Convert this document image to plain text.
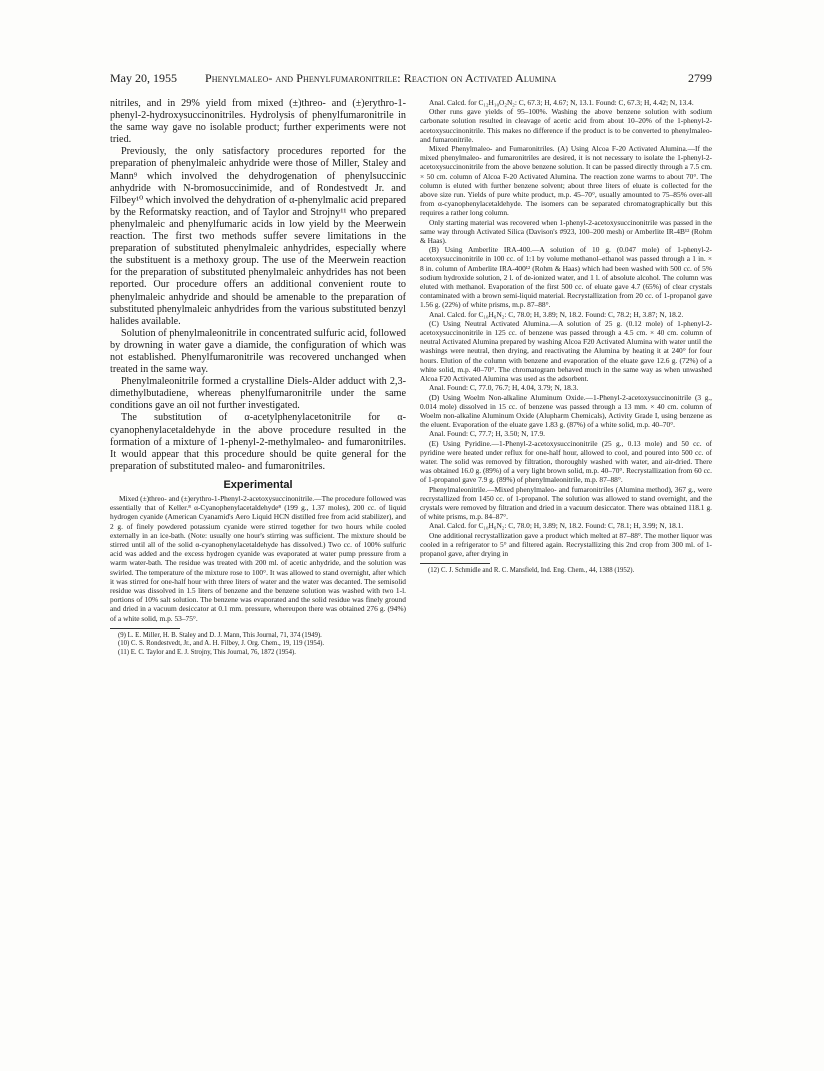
May 20, 1955 Phenylmaleo- and Phenylfumaronitrile: Reaction on Activated Alumina	2799

nitriles, and in 29% yield from mixed (±)threo- and (±)erythro-1-phenyl-2-hydroxysuccinonitriles. Hydrolysis of phenylfumaronitrile in the same way gave no isolable product; further experiments were not tried.

Previously, the only satisfactory procedures reported for the preparation of phenylmaleic anhydride were those of Miller, Staley and Mann⁹ which involved the dehydrogenation of phenylsuccinic anhydride with N-bromosuccinimide, and of Rondestvedt Jr. and Filbey¹⁰ which involved the dehydration of α-phenylmalic acid prepared by the Reformatsky reaction, and of Taylor and Strojny¹¹ who prepared phenylmaleic and phenylfumaric acids in low yield by the Meerwein reaction. The first two methods suffer severe limitations in the preparation of substituted phenylmaleic anhydrides, especially where the substituent is a methoxy group. The use of the Meerwein reaction for the preparation of substituted phenylmaleic anhydrides has not been reported. Our procedure offers an additional convenient route to phenylmaleic anhydride and should be amenable to the preparation of substituted phenylmaleic anhydrides from the various substituted benzyl halides available.

Solution of phenylmaleonitrile in concentrated sulfuric acid, followed by drowning in water gave a diamide, the configuration of which was not established. Phenylfumaronitrile was recovered unchanged when treated in the same way.

Phenylmaleonitrile formed a crystalline Diels-Alder adduct with 2,3-dimethylbutadiene, whereas phenylfumaronitrile under the same conditions gave an oil not further investigated.

The substitution of α-acetylphenylacetonitrile for α-cyanophenylacetaldehyde in the above procedure resulted in the formation of a mixture of 1-phenyl-2-methylmaleo- and fumaronitriles. It would appear that this procedure should be quite general for the preparation of substituted maleo- and fumaronitriles.

Experimental

Mixed (±)threo- and (±)erythro-1-Phenyl-2-acetoxysuccinonitrile.—The procedure followed was essentially that of Keller.⁸ α-Cyanophenylacetaldehyde⁸ (199 g., 1.37 moles), 200 cc. of liquid hydrogen cyanide (American Cyanamid's Aero Liquid HCN distilled free from acid stabilizer), and 2 g. of finely powdered potassium cyanide were stirred together for two hours while cooled externally in an ice-bath. (Note: usually one hour's stirring was sufficient. The mixture should be stirred until all of the solid α-cyanophenylacetaldehyde has dissolved.) Two cc. of 100% sulfuric acid was added and the excess hydrogen cyanide was evaporated at water pump pressure from a warm water-bath. The residue was treated with 200 ml. of acetic anhydride, and the solution was swirled. The temperature of the mixture rose to 100°. It was allowed to stand overnight, after which it was stirred for one-half hour with three liters of water and the water was decanted. The semisolid residue was dissolved in 1.5 liters of benzene and the benzene solution was washed with two 1-l. portions of 10% salt solution. The benzene was evaporated and the solid residue was finely ground and dried in a vacuum desiccator at 0.1 mm. pressure, whereupon there was obtained 276 g. (94%) of a white solid, m.p. 53–75°.

(9) L. E. Miller, H. B. Staley and D. J. Mann, This Journal, 71, 374 (1949).

(10) C. S. Rondestvedt, Jr., and A. H. Filbey, J. Org. Chem., 19, 119 (1954).

(11) E. C. Taylor and E. J. Strojny, This Journal, 76, 1872 (1954).

Anal. Calcd. for C₁₂H₁₀O₂N₂: C, 67.3; H, 4.67; N, 13.1. Found: C, 67.3; H, 4.42; N, 13.4.

Other runs gave yields of 95–100%. Washing the above benzene solution with sodium carbonate solution resulted in cleavage of acetic acid from about 10–20% of the 1-phenyl-2-acetoxysuccinonitrile. This makes no difference if the product is to be converted to phenylmaleo- and fumaronitrile.

Mixed Phenylmaleo- and Fumaronitriles. (A) Using Alcoa F-20 Activated Alumina.—If the mixed phenylmaleo- and fumaronitriles are desired, it is not necessary to isolate the 1-phenyl-2-acetoxysuccinonitrile from the above benzene solution. It can be passed directly through a 7.5 cm. × 50 cm. column of Alcoa F-20 Activated Alumina. The reaction zone warms to about 70°. The column is eluted with further benzene solvent; about three liters of eluate is collected for the above size run. Yields of pure white product, m.p. 45–70°, usually amounted to 75–85% over-all from α-cyanophenylacetaldehyde. The isomers can be separated chromatographically but this requires a rather long column.

Only starting material was recovered when 1-phenyl-2-acetoxysuccinonitrile was passed in the same way through Activated Silica (Davison's #923, 100–200 mesh) or Amberlite IR-4B¹² (Rohm & Haas).

(B) Using Amberlite IRA-400.—A solution of 10 g. (0.047 mole) of 1-phenyl-2-acetoxysuccinonitrile in 100 cc. of 1:1 by volume methanol–ethanol was passed through a 1 in. × 8 in. column of Amberlite IRA-400¹² (Rohm & Haas) which had been washed with 500 cc. of 5% sodium hydroxide solution, 2 l. of de-ionized water, and 1 l. of absolute alcohol. The column was eluted with methanol. Evaporation of the first 500 cc. of eluate gave 4.7 (65%) of clear crystals contaminated with a brown semi-liquid material. Recrystallization from 20 cc. of 1-propanol gave 1.56 g. (22%) of white prisms, m.p. 87–88°.

Anal. Calcd. for C₁₀H₆N₂: C, 78.0; H, 3.89; N, 18.2. Found: C, 78.2; H, 3.87; N, 18.2.

(C) Using Neutral Activated Alumina.—A solution of 25 g. (0.12 mole) of 1-phenyl-2-acetoxysuccinonitrile in 125 cc. of benzene was passed through a 4.5 cm. × 40 cm. column of neutral Activated Alumina prepared by washing Alcoa F20 Activated Alumina with water until the washings were neutral, then drying, and reactivating the Alumina by heating it at 240° for four hours. Elution of the column with benzene and evaporation of the eluate gave 12.6 g. (72%) of a white solid, m.p. 40–70°. The chromatogram behaved much in the same way as when unwashed Alcoa F20 Activated Alumina was used as the adsorbent.

Anal. Found: C, 77.0, 76.7; H, 4.04, 3.79; N, 18.3.

(D) Using Woelm Non-alkaline Aluminum Oxide.—1-Phenyl-2-acetoxysuccinonitrile (3 g., 0.014 mole) dissolved in 15 cc. of benzene was passed through a 13 mm. × 40 cm. column of Woelm non-alkaline Aluminum Oxide (Alupharm Chemicals), Activity Grade I, using benzene as the eluent. Evaporation of the eluate gave 1.83 g. (87%) of a white solid, m.p. 40–70°.

Anal. Found: C, 77.7; H, 3.50; N, 17.9.

(E) Using Pyridine.—1-Phenyl-2-acetoxysuccinonitrile (25 g., 0.13 mole) and 50 cc. of pyridine were heated under reflux for one-half hour, allowed to cool, and poured into 500 cc. of water. The solid was removed by filtration, thoroughly washed with water, and air-dried. There was obtained 16.0 g. (89%) of a very light brown solid, m.p. 40–70°. Recrystallization from 60 cc. of 1-propanol gave 7.9 g. (89%) of phenylmaleonitrile, m.p. 87–88°.

Phenylmaleonitrile.—Mixed phenylmaleo- and fumaronitriles (Alumina method), 367 g., were recrystallized from 1450 cc. of 1-propanol. The solution was allowed to stand overnight, and the crystals were removed by filtration and dried in a vacuum desiccator. There was obtained 118.1 g. of white prisms, m.p. 84–87°.

Anal. Calcd. for C₁₀H₆N₂: C, 78.0; H, 3.89; N, 18.2. Found: C, 78.1; H, 3.99; N, 18.1.

One additional recrystallization gave a product which melted at 87–88°. The mother liquor was cooled in a refrigerator to 5° and filtered again. Recrystallizing this 2nd crop from 300 ml. of 1-propanol gave, after drying in

(12) C. J. Schmidle and R. C. Mansfield, Ind. Eng. Chem., 44, 1388 (1952).
